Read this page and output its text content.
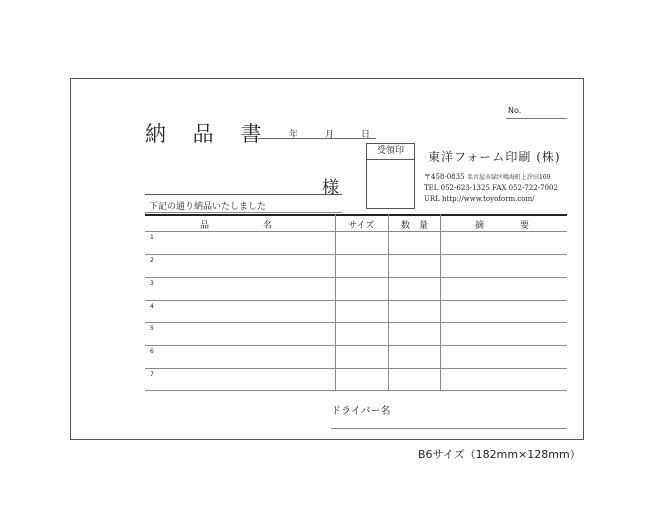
No.
納 品 書 年	月	日
様
下記の通り納品いたしました
受領印	東洋フォーム印刷 (株)
〒458-0835 名古屋市緑区鳴海町上汐田169
TEL 052-623-1325 FAX 052-722-7002
URL http://www.toyoform.com/
品　　　　　　名	サイズ	数　量	摘　　　　要
1
2
3
4
5
6
7
ドライバー名
B6サイズ（182mm×128mm）
